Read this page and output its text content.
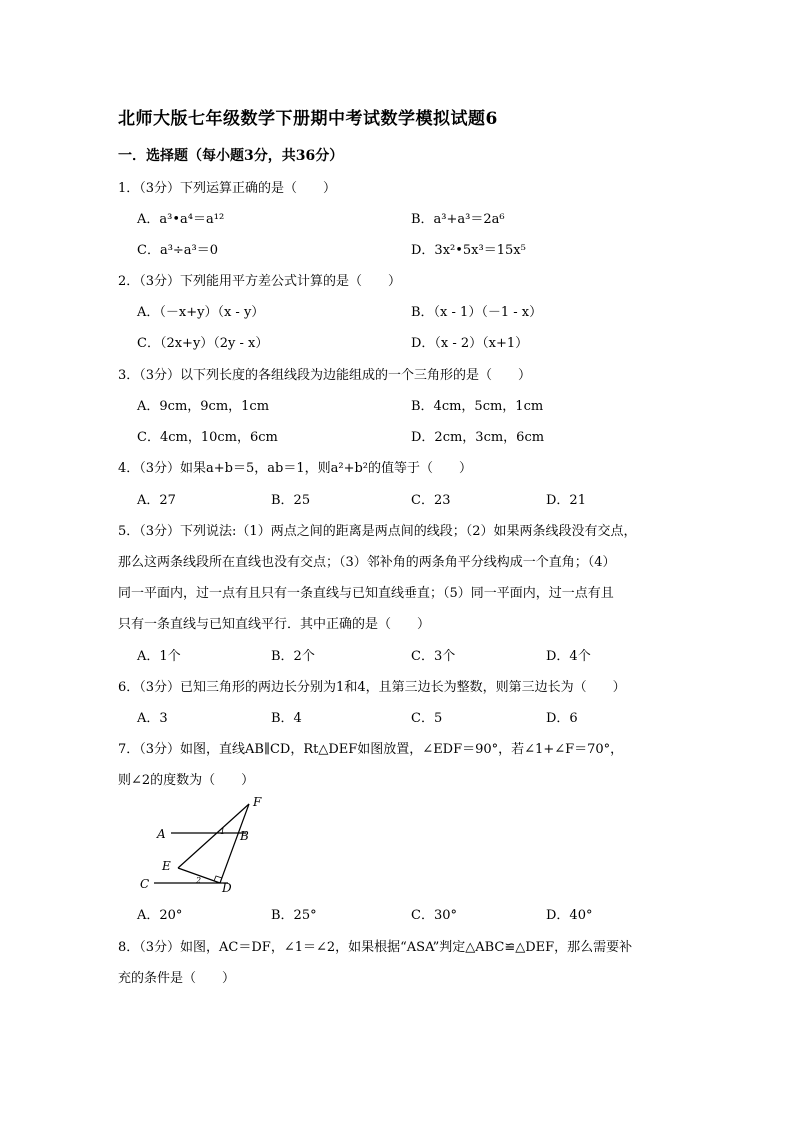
北师大版七年级数学下册期中考试数学模拟试题6
一．选择题（每小题3分，共36分）
1．（3分）下列运算正确的是（　　）
A．a³•a⁴＝a¹²	B．a³+a³＝2a⁶
C．a³÷a³＝0	D．3x²•5x³＝15x⁵
2．（3分）下列能用平方差公式计算的是（　　）
A．（－x+y）（x - y）	B．（x - 1）（－1 - x）
C．（2x+y）（2y - x）	D．（x - 2）（x+1）
3．（3分）以下列长度的各组线段为边能组成的一个三角形的是（　　）
A．9cm，9cm，1cm	B．4cm，5cm，1cm
C．4cm，10cm，6cm	D．2cm，3cm，6cm
4．（3分）如果a+b＝5，ab＝1，则a²+b²的值等于（　　）
A．27	B．25	C．23	D．21
5．（3分）下列说法:（1）两点之间的距离是两点间的线段；（2）如果两条线段没有交点，
那么这两条线段所在直线也没有交点；（3）邻补角的两条角平分线构成一个直角；（4）
同一平面内，过一点有且只有一条直线与已知直线垂直；（5）同一平面内，过一点有且
只有一条直线与已知直线平行．其中正确的是（　　）
A．1个	B．2个	C．3个	D．4个
6．（3分）已知三角形的两边长分别为1和4，且第三边长为整数，则第三边长为（　　）
A．3	B．4	C．5	D．6
7．（3分）如图，直线AB∥CD，Rt△DEF如图放置，∠EDF＝90°，若∠1+∠F＝70°，
则∠2的度数为（　　）
F
A	B
1
E
2
C	D
A．20°	B．25°	C．30°	D．40°
8．（3分）如图，AC＝DF，∠1＝∠2，如果根据“ASA”判定△ABC≌△DEF，那么需要补
充的条件是（　　）
